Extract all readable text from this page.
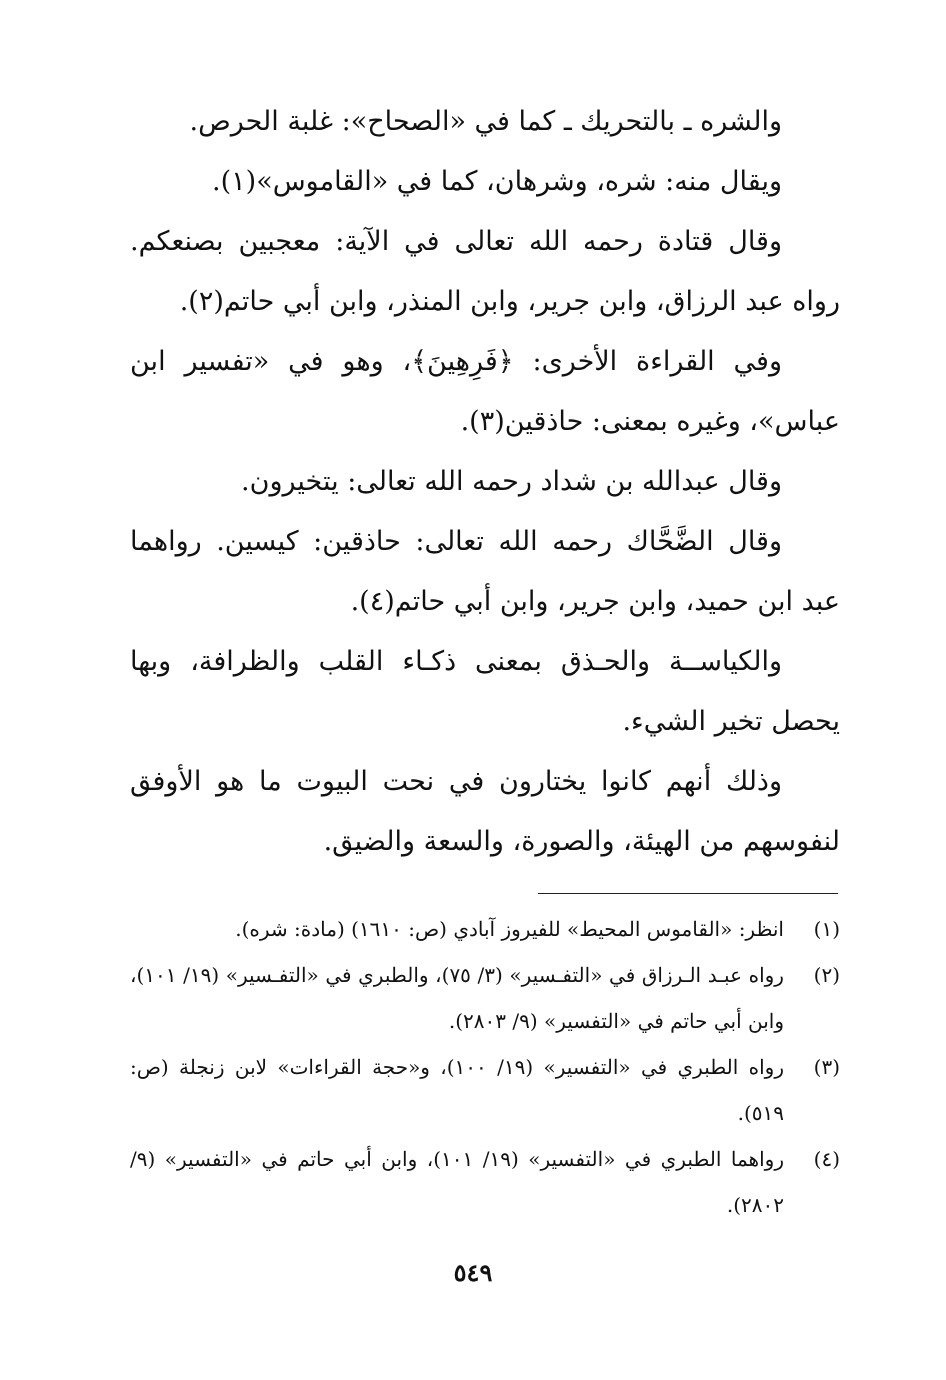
والشره ـ بالتحريك ـ كما في «الصحاح»: غلبة الحرص.

ويقال منه: شره، وشرهان، كما في «القاموس»(١).

وقال قتادة رحمه الله تعالى في الآية: معجبين بصنعكم. رواه عبد الرزاق، وابن جرير، وابن المنذر، وابن أبي حاتم(٢).

وفي القراءة الأخرى: ﴿فَرِهِينَ﴾، وهو في «تفسير ابن عباس»، وغيره بمعنى: حاذقين(٣).

وقال عبدالله بن شداد رحمه الله تعالى: يتخيرون.

وقال الضَّحَّاك رحمه الله تعالى: حاذقين: كيسين. رواهما عبد ابن حميد، وابن جرير، وابن أبي حاتم(٤).

والكياســة والحـذق بمعنى ذكـاء القلب والظرافة، وبها يحصل تخير الشيء.

وذلك أنهم كانوا يختارون في نحت البيوت ما هو الأوفق لنفوسهم من الهيئة، والصورة، والسعة والضيق.

(١)
انظر: «القاموس المحيط» للفيروز آبادي (ص: ١٦١٠) (مادة: شره).
(٢)
رواه عبـد الـرزاق في «التفـسير» (٣/ ٧٥)، والطبري في «التفـسير» (١٩/ ١٠١)، وابن أبي حاتم في «التفسير» (٩/ ٢٨٠٣).
(٣)
رواه الطبري في «التفسير» (١٩/ ١٠٠)، و«حجة القراءات» لابن زنجلة (ص: ٥١٩).
(٤)
رواهما الطبري في «التفسير» (١٩/ ١٠١)، وابن أبي حاتم في «التفسير» (٩/ ٢٨٠٢).
٥٤٩
